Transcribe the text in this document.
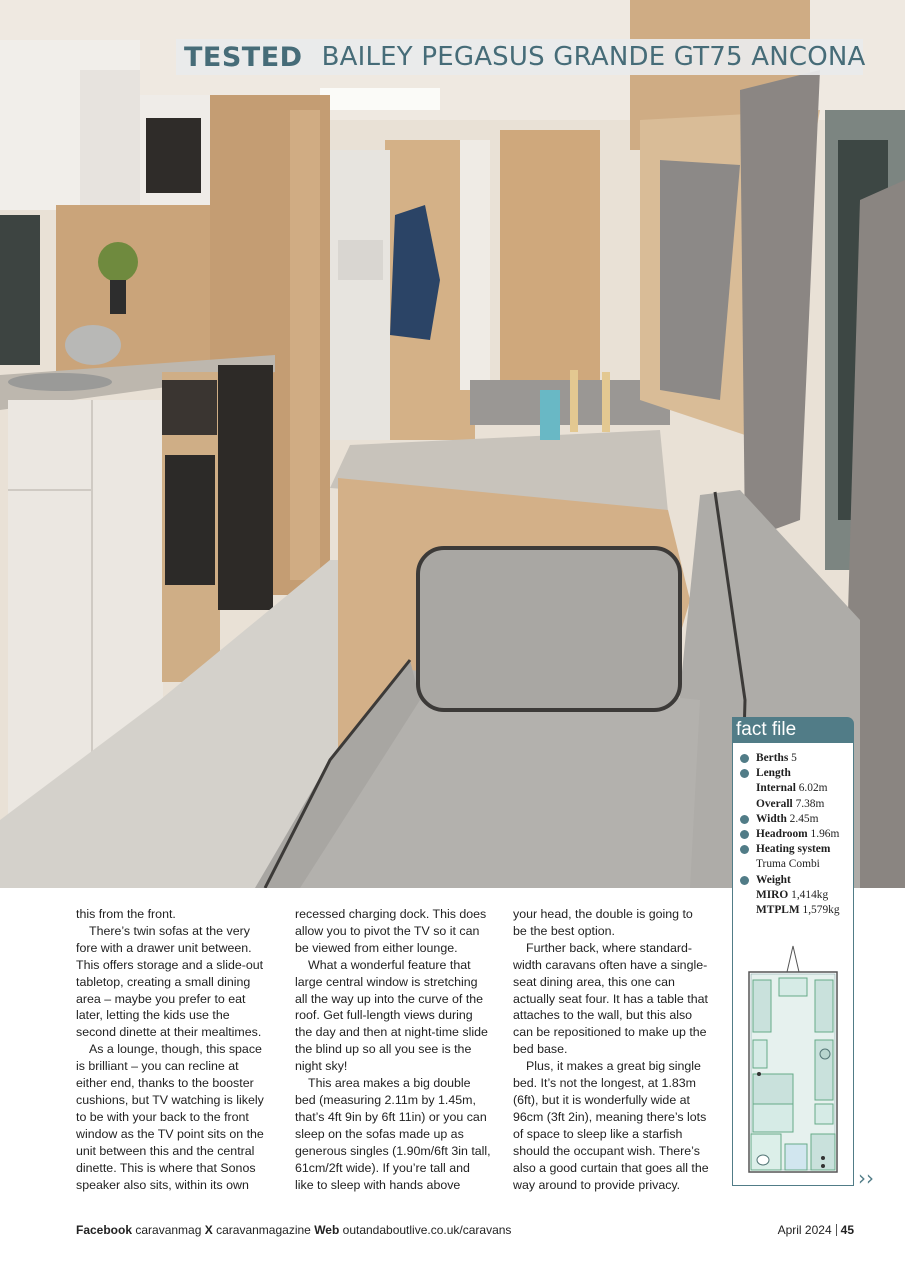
TESTED BAILEY PEGASUS GRANDE GT75 ANCONA

this from the front.

There’s twin sofas at the very fore with a drawer unit between. This offers storage and a slide-out tabletop, creating a small dining area – maybe you prefer to eat later, letting the kids use the second dinette at their mealtimes.

As a lounge, though, this space is brilliant – you can recline at either end, thanks to the booster cushions, but TV watching is likely to be with your back to the front window as the TV point sits on the unit between this and the central dinette. This is where that Sonos speaker also sits, within its own

recessed charging dock. This does allow you to pivot the TV so it can be viewed from either lounge.

What a wonderful feature that large central window is stretching all the way up into the curve of the roof. Get full-length views during the day and then at night-time slide the blind up so all you see is the night sky!

This area makes a big double bed (measuring 2.11m by 1.45m, that’s 4ft 9in by 6ft 11in) or you can sleep on the sofas made up as generous singles (1.90m/6ft 3in tall, 61cm/2ft wide). If you’re tall and like to sleep with hands above

your head, the double is going to be the best option.

Further back, where standard-width caravans often have a single-seat dining area, this one can actually seat four. It has a table that attaches to the wall, but this also can be repositioned to make up the bed base.

Plus, it makes a great big single bed. It’s not the longest, at 1.83m (6ft), but it is wonderfully wide at 96cm (3ft 2in), meaning there’s lots of space to sleep like a starfish should the occupant wish. There’s also a good curtain that goes all the way around to provide privacy.

fact file
Berths 5
Length
Internal 6.02m
Overall 7.38m
Width 2.45m
Headroom 1.96m
Heating system
Truma Combi
Weight
MIRO 1,414kg
MTPLM 1,579kg
››
Facebook caravanmag X caravanmagazine Web outandaboutlive.co.uk/caravans	April 2024 45
